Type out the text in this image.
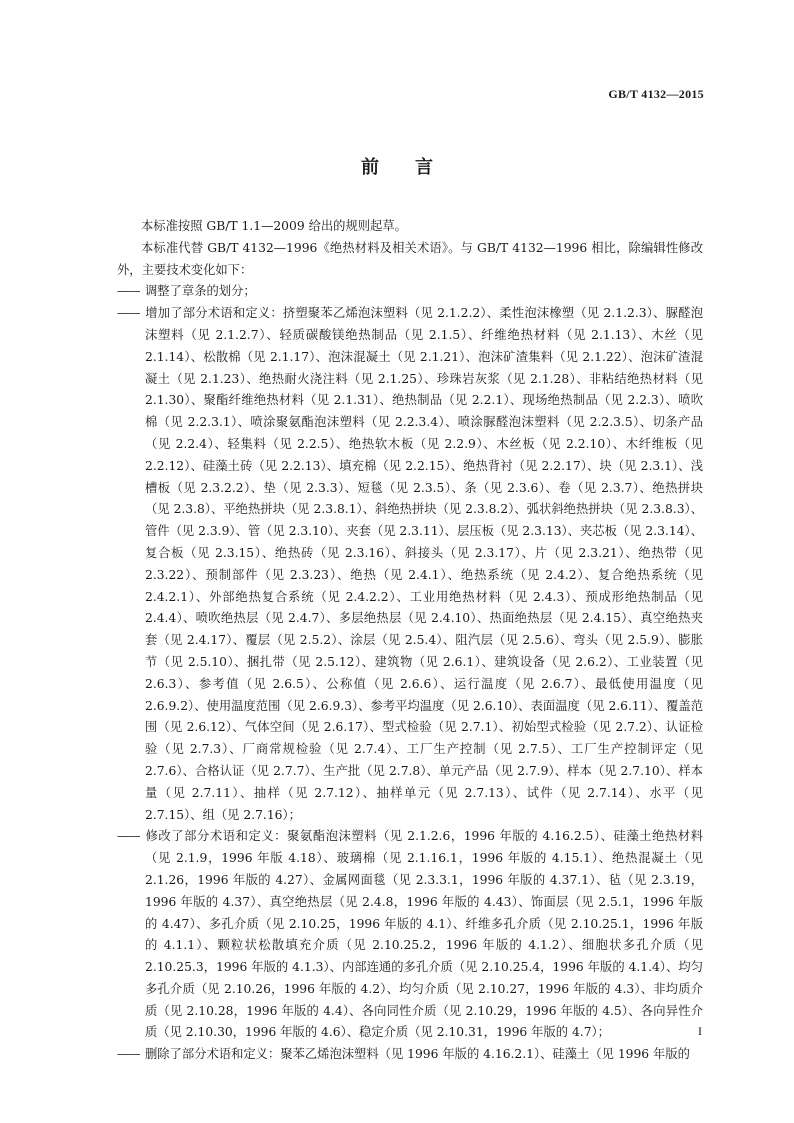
GB/T 4132—2015
前言

本标准按照 GB/T 1.1—2009 给出的规则起草。

本标准代替 GB/T 4132—1996《绝热材料及相关术语》。与 GB/T 4132—1996 相比，除编辑性修改外，主要技术变化如下：

—— 调整了章条的划分；

—— 增加了部分术语和定义：挤塑聚苯乙烯泡沫塑料（见 2.1.2.2）、柔性泡沫橡塑（见 2.1.2.3）、脲醛泡沫塑料（见 2.1.2.7）、轻质碳酸镁绝热制品（见 2.1.5）、纤维绝热材料（见 2.1.13）、木丝（见 2.1.14）、松散棉（见 2.1.17）、泡沫混凝土（见 2.1.21）、泡沫矿渣集料（见 2.1.22）、泡沫矿渣混凝土（见 2.1.23）、绝热耐火浇注料（见 2.1.25）、珍珠岩灰浆（见 2.1.28）、非粘结绝热材料（见 2.1.30）、聚酯纤维绝热材料（见 2.1.31）、绝热制品（见 2.2.1）、现场绝热制品（见 2.2.3）、喷吹棉（见 2.2.3.1）、喷涂聚氨酯泡沫塑料（见 2.2.3.4）、喷涂脲醛泡沫塑料（见 2.2.3.5）、切条产品（见 2.2.4）、轻集料（见 2.2.5）、绝热软木板（见 2.2.9）、木丝板（见 2.2.10）、木纤维板（见 2.2.12）、硅藻土砖（见 2.2.13）、填充棉（见 2.2.15）、绝热背衬（见 2.2.17）、块（见 2.3.1）、浅槽板（见 2.3.2.2）、垫（见 2.3.3）、短毯（见 2.3.5）、条（见 2.3.6）、卷（见 2.3.7）、绝热拼块（见 2.3.8）、平绝热拼块（见 2.3.8.1）、斜绝热拼块（见 2.3.8.2）、弧状斜绝热拼块（见 2.3.8.3）、管件（见 2.3.9）、管（见 2.3.10）、夹套（见 2.3.11）、层压板（见 2.3.13）、夹芯板（见 2.3.14）、复合板（见 2.3.15）、绝热砖（见 2.3.16）、斜接头（见 2.3.17）、片（见 2.3.21）、绝热带（见 2.3.22）、预制部件（见 2.3.23）、绝热（见 2.4.1）、绝热系统（见 2.4.2）、复合绝热系统（见 2.4.2.1）、外部绝热复合系统（见 2.4.2.2）、工业用绝热材料（见 2.4.3）、预成形绝热制品（见 2.4.4）、喷吹绝热层（见 2.4.7）、多层绝热层（见 2.4.10）、热面绝热层（见 2.4.15）、真空绝热夹套（见 2.4.17）、覆层（见 2.5.2）、涂层（见 2.5.4）、阻汽层（见 2.5.6）、弯头（见 2.5.9）、膨胀节（见 2.5.10）、捆扎带（见 2.5.12）、建筑物（见 2.6.1）、建筑设备（见 2.6.2）、工业装置（见 2.6.3）、参考值（见 2.6.5）、公称值（见 2.6.6）、运行温度（见 2.6.7）、最低使用温度（见 2.6.9.2）、使用温度范围（见 2.6.9.3）、参考平均温度（见 2.6.10）、表面温度（见 2.6.11）、覆盖范围（见 2.6.12）、气体空间（见 2.6.17）、型式检验（见 2.7.1）、初始型式检验（见 2.7.2）、认证检验（见 2.7.3）、厂商常规检验（见 2.7.4）、工厂生产控制（见 2.7.5）、工厂生产控制评定（见 2.7.6）、合格认证（见 2.7.7）、生产批（见 2.7.8）、单元产品（见 2.7.9）、样本（见 2.7.10）、样本量（见 2.7.11）、抽样（见 2.7.12）、抽样单元（见 2.7.13）、试件（见 2.7.14）、水平（见 2.7.15）、组（见 2.7.16）；

—— 修改了部分术语和定义：聚氨酯泡沫塑料（见 2.1.2.6，1996 年版的 4.16.2.5）、硅藻土绝热材料（见 2.1.9，1996 年版 4.18）、玻璃棉（见 2.1.16.1，1996 年版的 4.15.1）、绝热混凝土（见 2.1.26，1996 年版的 4.27）、金属网面毯（见 2.3.3.1，1996 年版的 4.37.1）、毡（见 2.3.19，1996 年版的 4.37）、真空绝热层（见 2.4.8，1996 年版的 4.43）、饰面层（见 2.5.1，1996 年版的 4.47）、多孔介质（见 2.10.25，1996 年版的 4.1）、纤维多孔介质（见 2.10.25.1，1996 年版的 4.1.1）、颗粒状松散填充介质（见 2.10.25.2，1996 年版的 4.1.2）、细胞状多孔介质（见 2.10.25.3，1996 年版的 4.1.3）、内部连通的多孔介质（见 2.10.25.4，1996 年版的 4.1.4）、均匀多孔介质（见 2.10.26，1996 年版的 4.2）、均匀介质（见 2.10.27，1996 年版的 4.3）、非均质介质（见 2.10.28，1996 年版的 4.4）、各向同性介质（见 2.10.29，1996 年版的 4.5）、各向异性介质（见 2.10.30，1996 年版的 4.6）、稳定介质（见 2.10.31，1996 年版的 4.7）；

—— 删除了部分术语和定义：聚苯乙烯泡沫塑料（见 1996 年版的 4.16.2.1）、硅藻土（见 1996 年版的

I
